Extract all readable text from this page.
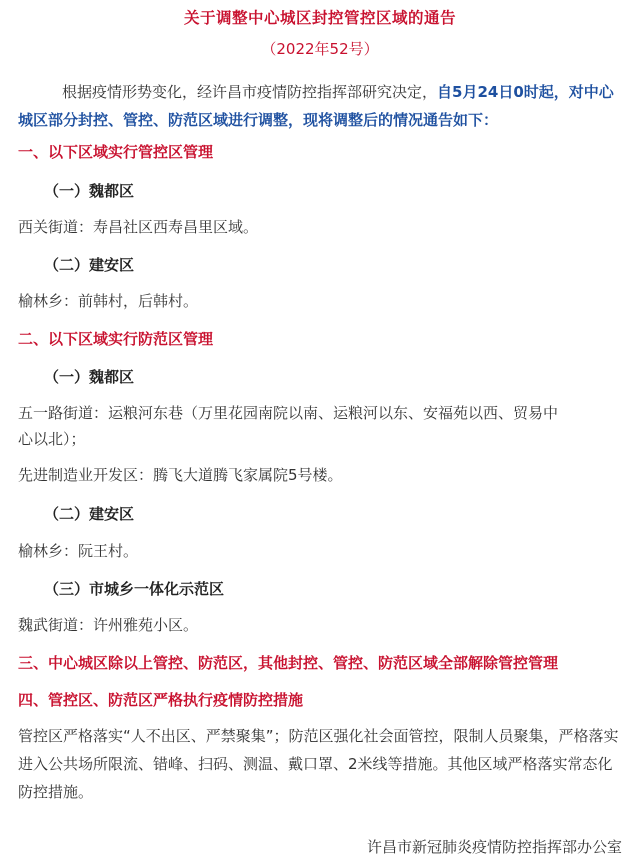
关于调整中心城区封控管控区域的通告
（2022年52号）
根据疫情形势变化，经许昌市疫情防控指挥部研究决定，自5月24日0时起，对中心城区部分封控、管控、防范区域进行调整，现将调整后的情况通告如下：
一、以下区域实行管控区管理
（一）魏都区
西关街道：寿昌社区西寿昌里区域。
（二）建安区
榆林乡：前韩村，后韩村。
二、以下区域实行防范区管理
（一）魏都区
五一路街道：运粮河东巷（万里花园南院以南、运粮河以东、安福苑以西、贸易中
心以北）；
先进制造业开发区：腾飞大道腾飞家属院5号楼。
（二）建安区
榆林乡：阮王村。
（三）市城乡一体化示范区
魏武街道：许州雅苑小区。
三、中心城区除以上管控、防范区，其他封控、管控、防范区域全部解除管控管理
四、管控区、防范区严格执行疫情防控措施
管控区严格落实“人不出区、严禁聚集”；防范区强化社会面管控，限制人员聚集，严格落实进入公共场所限流、错峰、扫码、测温、戴口罩、2米线等措施。其他区域严格落实常态化防控措施。
许昌市新冠肺炎疫情防控指挥部办公室
